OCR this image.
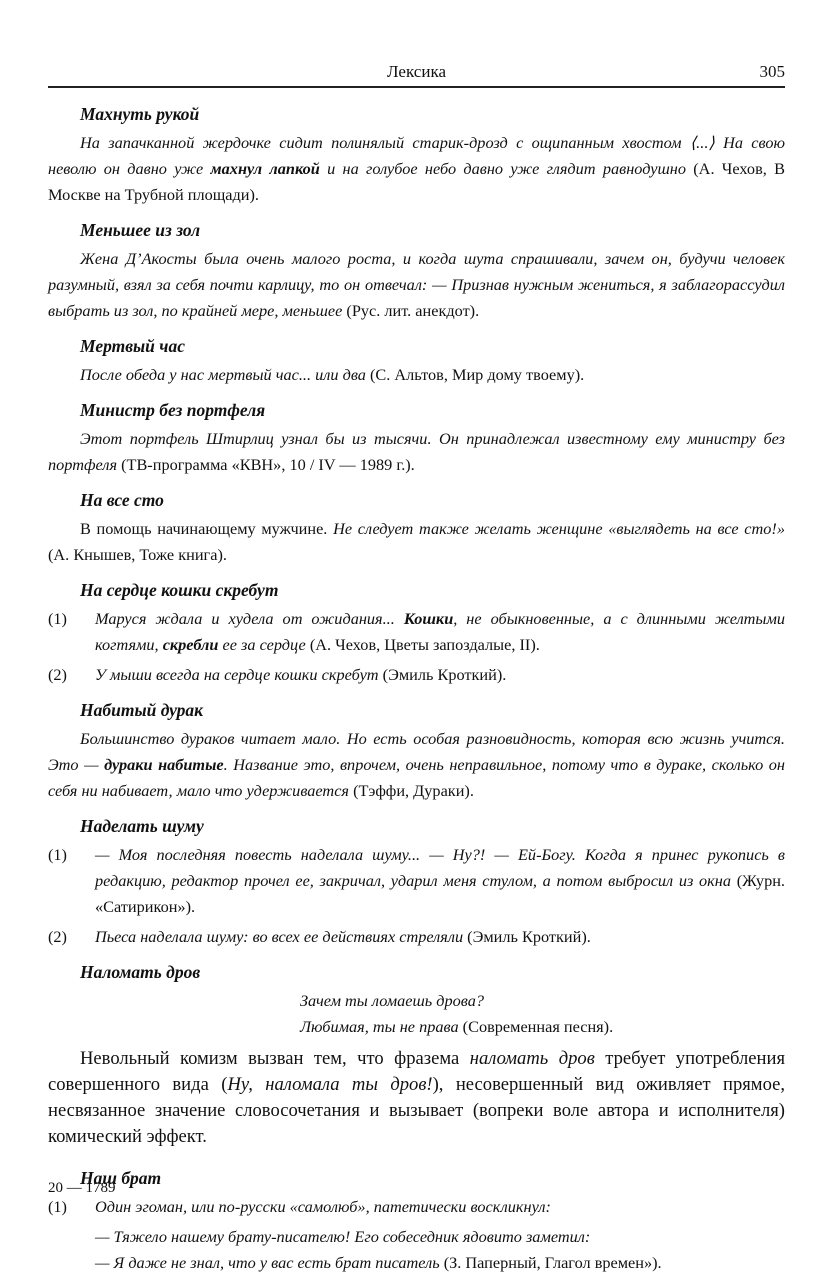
Лексика	305
Махнуть рукой
На запачканной жердочке сидит полинялый старик-дрозд с ощипанным хвостом ⟨...⟩ На свою неволю он давно уже махнул лапкой и на голубое небо давно уже глядит равнодушно (А. Чехов, В Москве на Трубной площади).
Меньшее из зол
Жена Д’Акосты была очень малого роста, и когда шута спрашивали, зачем он, будучи человек разумный, взял за себя почти карлицу, то он отвечал: — Признав нужным жениться, я заблагорассудил выбрать из зол, по крайней мере, меньшее (Рус. лит. анекдот).
Мертвый час
После обеда у нас мертвый час... или два (С. Альтов, Мир дому твоему).
Министр без портфеля
Этот портфель Штирлиц узнал бы из тысячи. Он принадлежал известному ему министру без портфеля (ТВ-программа «КВН», 10 / IV — 1989 г.).
На все сто
В помощь начинающему мужчине. Не следует также желать женщине «выглядеть на все сто!» (А. Кнышев, Тоже книга).
На сердце кошки скребут
(1) Маруся ждала и худела от ожидания... Кошки, не обыкновенные, а с длинными желтыми когтями, скребли ее за сердце (А. Чехов, Цветы запоздалые, II).
(2) У мыши всегда на сердце кошки скребут (Эмиль Кроткий).
Набитый дурак
Большинство дураков читает мало. Но есть особая разновидность, которая всю жизнь учится. Это — дураки набитые. Название это, впрочем, очень неправильное, потому что в дураке, сколько он себя ни набивает, мало что удерживается (Тэффи, Дураки).
Наделать шуму
(1) — Моя последняя повесть наделала шуму... — Ну?! — Ей-Богу. Когда я принес рукопись в редакцию, редактор прочел ее, закричал, ударил меня стулом, а потом выбросил из окна (Журн. «Сатирикон»).
(2) Пьеса наделала шуму: во всех ее действиях стреляли (Эмиль Кроткий).
Наломать дров
Зачем ты ломаешь дрова?
Любимая, ты не права (Современная песня).
Невольный комизм вызван тем, что фразема наломать дров требует употребления совершенного вида (Ну, наломала ты дров!), несовершенный вид оживляет прямое, несвязанное значение словосочетания и вызывает (вопреки воле автора и исполнителя) комический эффект.
Наш брат
(1) Один эгоман, или по-русски «самолюб», патетически воскликнул:
— Тяжело нашему брату-писателю! Его собеседник ядовито заметил:
— Я даже не знал, что у вас есть брат писатель (З. Паперный, Глагол времен»).
20 — 1789
